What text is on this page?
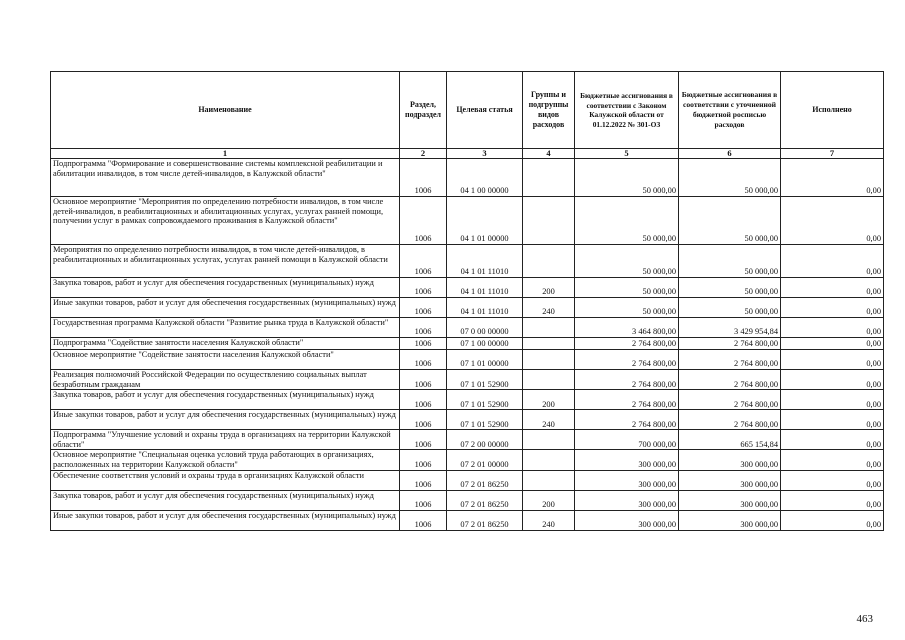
Наименование	Раздел, подраздел	Целевая статья	Группы и подгруппы видов расходов	Бюджетные ассигнования в соответствии с Законом Калужской области от 01.12.2022 № 301-ОЗ	Бюджетные ассигнования в соответствии с уточненной бюджетной росписью расходов	Исполнено
1	2	3	4	5	6	7
Подпрограмма "Формирование и совершенствование системы комплексной реабилитации и абилитации инвалидов, в том числе детей-инвалидов, в Калужской области"	1006	04 1 00 00000		50 000,00	50 000,00	0,00
Основное мероприятие "Мероприятия по определению потребности инвалидов, в том числе детей-инвалидов, в реабилитационных и абилитационных услугах, услугах ранней помощи, получении услуг в рамках сопровождаемого проживания в Калужской области"	1006	04 1 01 00000		50 000,00	50 000,00	0,00
Мероприятия по определению потребности инвалидов, в том числе детей-инвалидов, в реабилитационных и абилитационных услугах, услугах ранней помощи в Калужской области	1006	04 1 01 11010		50 000,00	50 000,00	0,00
Закупка товаров, работ и услуг для обеспечения государственных (муниципальных) нужд	1006	04 1 01 11010	200	50 000,00	50 000,00	0,00
Иные закупки товаров, работ и услуг для обеспечения государственных (муниципальных) нужд	1006	04 1 01 11010	240	50 000,00	50 000,00	0,00
Государственная программа Калужской области "Развитие рынка труда в Калужской области"	1006	07 0 00 00000		3 464 800,00	3 429 954,84	0,00
Подпрограмма "Содействие занятости населения Калужской области"	1006	07 1 00 00000		2 764 800,00	2 764 800,00	0,00
Основное мероприятие "Содействие занятости населения Калужской области"	1006	07 1 01 00000		2 764 800,00	2 764 800,00	0,00
Реализация полномочий Российской Федерации по осуществлению социальных выплат безработным гражданам	1006	07 1 01 52900		2 764 800,00	2 764 800,00	0,00
Закупка товаров, работ и услуг для обеспечения государственных (муниципальных) нужд	1006	07 1 01 52900	200	2 764 800,00	2 764 800,00	0,00
Иные закупки товаров, работ и услуг для обеспечения государственных (муниципальных) нужд	1006	07 1 01 52900	240	2 764 800,00	2 764 800,00	0,00
Подпрограмма "Улучшение условий и охраны труда в организациях на территории Калужской области"	1006	07 2 00 00000		700 000,00	665 154,84	0,00
Основное мероприятие "Специальная оценка условий труда работающих в организациях, расположенных на территории Калужской области"	1006	07 2 01 00000		300 000,00	300 000,00	0,00
Обеспечение соответствия условий и охраны труда в организациях Калужской области	1006	07 2 01 86250		300 000,00	300 000,00	0,00
Закупка товаров, работ и услуг для обеспечения государственных (муниципальных) нужд	1006	07 2 01 86250	200	300 000,00	300 000,00	0,00
Иные закупки товаров, работ и услуг для обеспечения государственных (муниципальных) нужд	1006	07 2 01 86250	240	300 000,00	300 000,00	0,00
463
